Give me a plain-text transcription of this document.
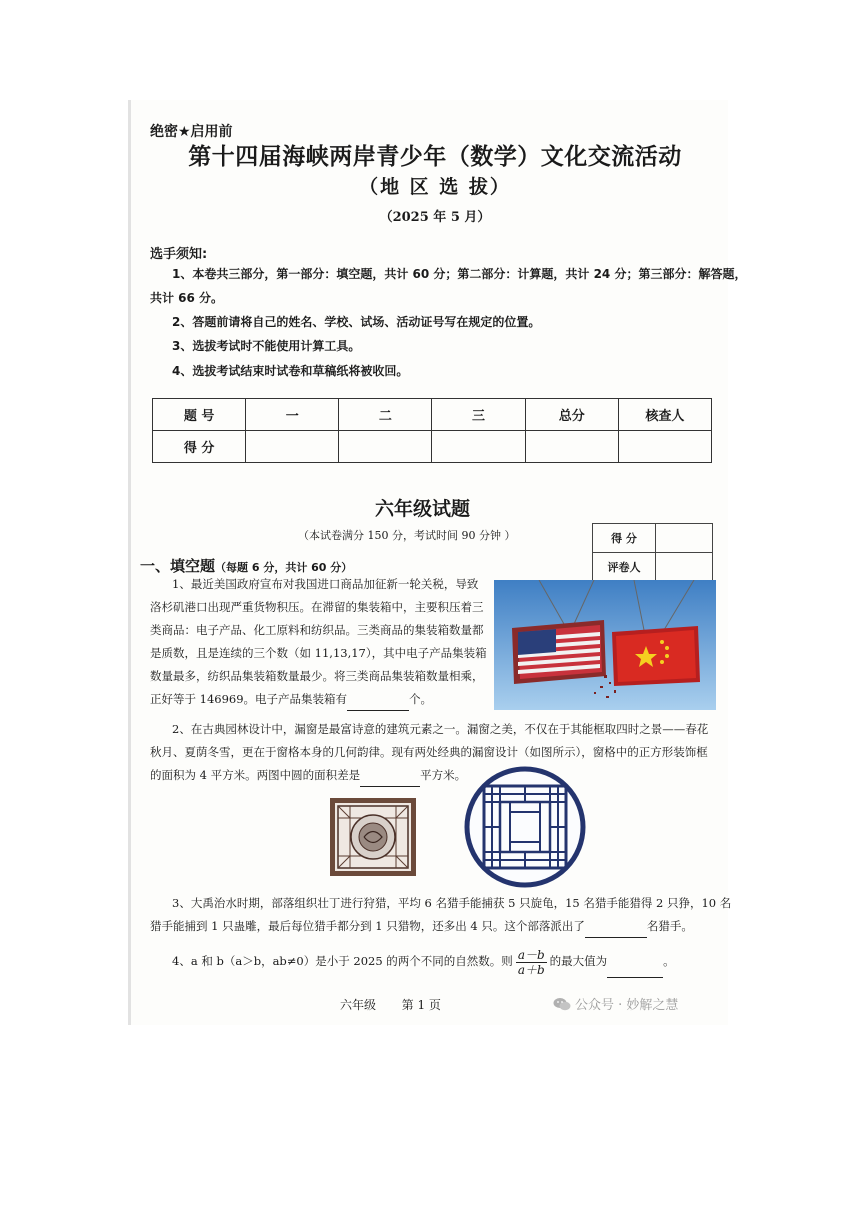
绝密★启用前
第十四届海峡两岸青少年（数学）文化交流活动
（地 区 选 拔）
（2025 年 5 月）
选手须知:
1、本卷共三部分，第一部分：填空题，共计 60 分；第二部分：计算题，共计 24 分；第三部分：解答题，
共计 66 分。
2、答题前请将自己的姓名、学校、试场、活动证号写在规定的位置。
3、选拔考试时不能使用计算工具。
4、选拔考试结束时试卷和草稿纸将被收回。
题 号	一	二	三	总分	核查人
得 分					
六年级试题
（本试卷满分 150 分，考试时间 90 分钟 ）	得 分	
评卷人	
一、填空题（每题 6 分，共计 60 分）
1、最近美国政府宣布对我国进口商品加征新一轮关税，导致
洛杉矶港口出现严重货物积压。在滞留的集装箱中，主要积压着三
类商品：电子产品、化工原料和纺织品。三类商品的集装箱数量都
是质数，且是连续的三个数（如 11,13,17），其中电子产品集装箱
数量最多，纺织品集装箱数量最少。将三类商品集装箱数量相乘，
正好等于 146969。电子产品集装箱有	个。
2、在古典园林设计中，漏窗是最富诗意的建筑元素之一。漏窗之美，不仅在于其能框取四时之景——春花
秋月、夏荫冬雪，更在于窗格本身的几何韵律。现有两处经典的漏窗设计（如图所示），窗格中的正方形装饰框
的面积为 4 平方米。两图中圆的面积差是	平方米。
3、大禹治水时期，部落组织壮丁进行狩猎，平均 6 名猎手能捕获 5 只旋龟，15 名猎手能猎得 2 只狰，10 名
猎手能捕到 1 只蛊雕，最后每位猎手都分到 1 只猎物，还多出 4 只。这个部落派出了	名猎手。
4、a 和 b（a＞b，ab≠0）是小于 2025 的两个不同的自然数。则 $\frac{a-b}{a+b}$ 的最大值为	。
六年级 第 1 页	公众号 · 妙解之慧
